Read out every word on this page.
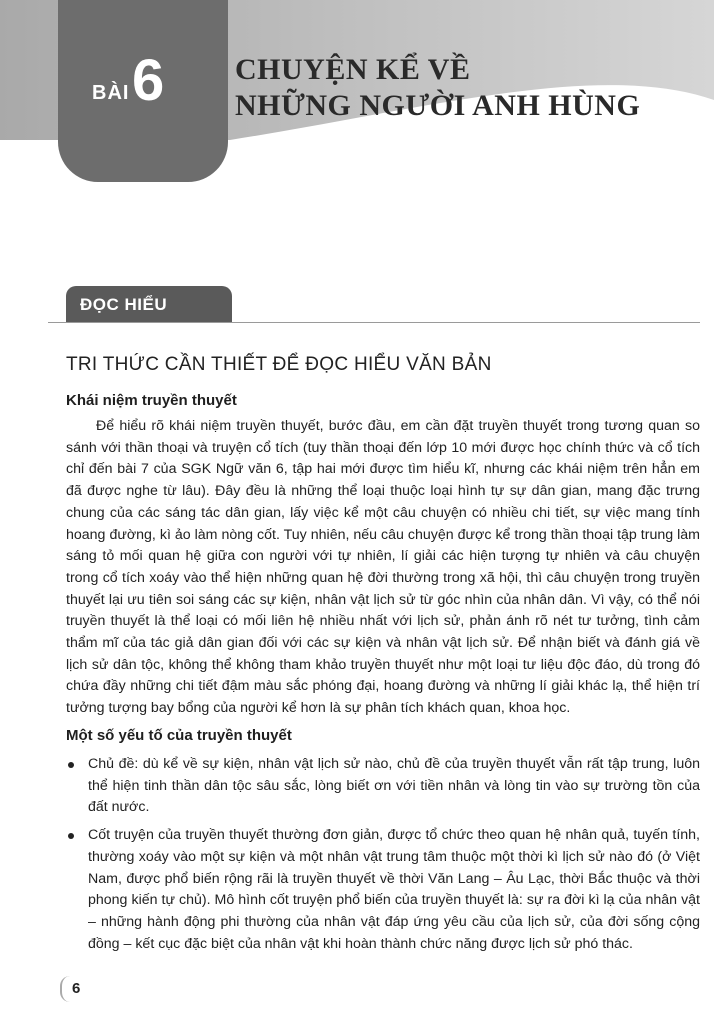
BÀI 6 CHUYỆN KỂ VỀ
NHỮNG NGƯỜI ANH HÙNG
ĐỌC HIỂU
TRI THỨC CẦN THIẾT ĐỂ ĐỌC HIỂU VĂN BẢN
Khái niệm truyền thuyết

Để hiểu rõ khái niệm truyền thuyết, bước đầu, em cần đặt truyền thuyết trong tương quan so sánh với thần thoại và truyện cổ tích (tuy thần thoại đến lớp 10 mới được học chính thức và cổ tích chỉ đến bài 7 của SGK Ngữ văn 6, tập hai mới được tìm hiểu kĩ, nhưng các khái niệm trên hẳn em đã được nghe từ lâu). Đây đều là những thể loại thuộc loại hình tự sự dân gian, mang đặc trưng chung của các sáng tác dân gian, lấy việc kể một câu chuyện có nhiều chi tiết, sự việc mang tính hoang đường, kì ảo làm nòng cốt. Tuy nhiên, nếu câu chuyện được kể trong thần thoại tập trung làm sáng tỏ mối quan hệ giữa con người với tự nhiên, lí giải các hiện tượng tự nhiên và câu chuyện trong cổ tích xoáy vào thể hiện những quan hệ đời thường trong xã hội, thì câu chuyện trong truyền thuyết lại ưu tiên soi sáng các sự kiện, nhân vật lịch sử từ góc nhìn của nhân dân. Vì vậy, có thể nói truyền thuyết là thể loại có mối liên hệ nhiều nhất với lịch sử, phản ánh rõ nét tư tưởng, tình cảm thẩm mĩ của tác giả dân gian đối với các sự kiện và nhân vật lịch sử. Để nhận biết và đánh giá về lịch sử dân tộc, không thể không tham khảo truyền thuyết như một loại tư liệu độc đáo, dù trong đó chứa đầy những chi tiết đậm màu sắc phóng đại, hoang đường và những lí giải khác lạ, thể hiện trí tưởng tượng bay bổng của người kể hơn là sự phân tích khách quan, khoa học.

Một số yếu tố của truyền thuyết
Chủ đề: dù kể về sự kiện, nhân vật lịch sử nào, chủ đề của truyền thuyết vẫn rất tập trung, luôn thể hiện tinh thần dân tộc sâu sắc, lòng biết ơn với tiền nhân và lòng tin vào sự trường tồn của đất nước.
Cốt truyện của truyền thuyết thường đơn giản, được tổ chức theo quan hệ nhân quả, tuyến tính, thường xoáy vào một sự kiện và một nhân vật trung tâm thuộc một thời kì lịch sử nào đó (ở Việt Nam, được phổ biến rộng rãi là truyền thuyết về thời Văn Lang – Âu Lạc, thời Bắc thuộc và thời phong kiến tự chủ). Mô hình cốt truyện phổ biến của truyền thuyết là: sự ra đời kì lạ của nhân vật – những hành động phi thường của nhân vật đáp ứng yêu cầu của lịch sử, của đời sống cộng đồng – kết cục đặc biệt của nhân vật khi hoàn thành chức năng được lịch sử phó thác.
6
